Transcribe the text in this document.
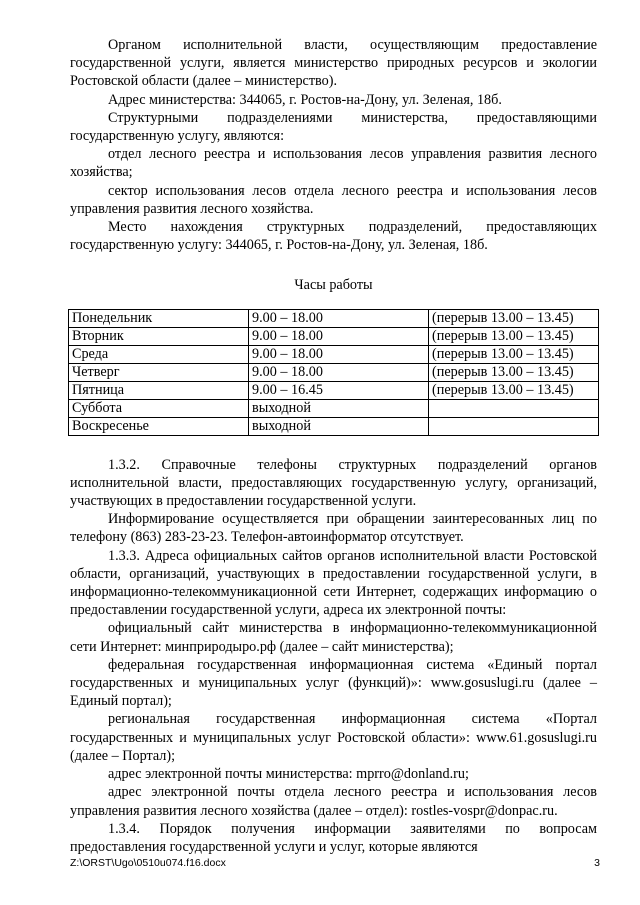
Органом исполнительной власти, осуществляющим предоставление государственной услуги, является министерство природных ресурсов и экологии Ростовской области (далее – министерство).

Адрес министерства: 344065, г. Ростов-на-Дону, ул. Зеленая, 18б.

Структурными подразделениями министерства, предоставляющими государственную услугу, являются:

отдел лесного реестра и использования лесов управления развития лесного хозяйства;

сектор использования лесов отдела лесного реестра и использования лесов управления развития лесного хозяйства.

Место нахождения структурных подразделений, предоставляющих государственную услугу: 344065, г. Ростов-на-Дону, ул. Зеленая, 18б.

Часы работы
Понедельник	9.00 – 18.00	(перерыв 13.00 – 13.45)
Вторник	9.00 – 18.00	(перерыв 13.00 – 13.45)
Среда	9.00 – 18.00	(перерыв 13.00 – 13.45)
Четверг	9.00 – 18.00	(перерыв 13.00 – 13.45)
Пятница	9.00 – 16.45	(перерыв 13.00 – 13.45)
Суббота	выходной	
Воскресенье	выходной	

1.3.2. Справочные телефоны структурных подразделений органов исполнительной власти, предоставляющих государственную услугу, организаций, участвующих в предоставлении государственной услуги.

Информирование осуществляется при обращении заинтересованных лиц по телефону (863) 283-23-23. Телефон-автоинформатор отсутствует.

1.3.3. Адреса официальных сайтов органов исполнительной власти Ростовской области, организаций, участвующих в предоставлении государственной услуги, в информационно-телекоммуникационной сети Интернет, содержащих информацию о предоставлении государственной услуги, адреса их электронной почты:

официальный сайт министерства в информационно-телекоммуникационной сети Интернет: минприродыро.рф (далее – сайт министерства);

федеральная государственная информационная система «Единый портал государственных и муниципальных услуг (функций)»: www.gosuslugi.ru (далее – Единый портал);

региональная государственная информационная система «Портал государственных и муниципальных услуг Ростовской области»: www.61.gosuslugi.ru (далее – Портал);

адрес электронной почты министерства: mprro@donland.ru;

адрес электронной почты отдела лесного реестра и использования лесов управления развития лесного хозяйства (далее – отдел): rostles-vospr@donpac.ru.

1.3.4. Порядок получения информации заявителями по вопросам предоставления государственной услуги и услуг, которые являются

Z:\ORST\Ugo\0510u074.f16.docx	3
